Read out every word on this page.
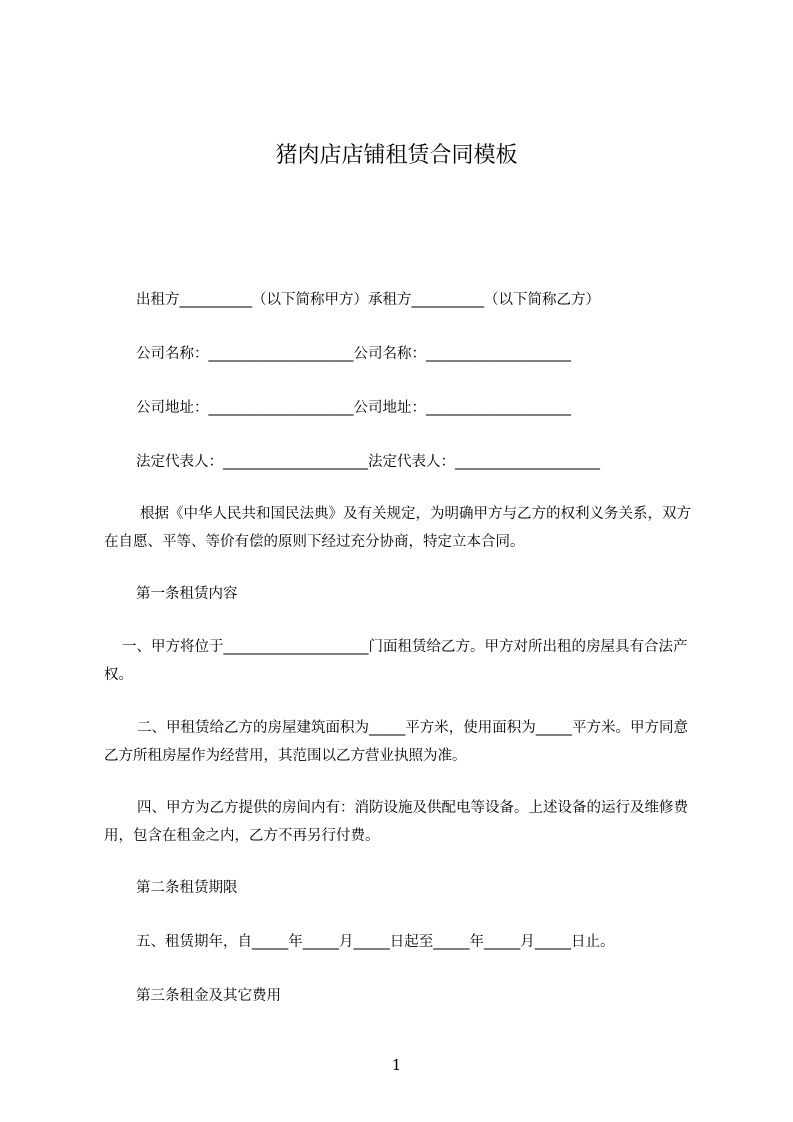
猪肉店店铺租赁合同模板

出租方__________（以下简称甲方）承租方__________（以下简称乙方）

公司名称：____________________公司名称：____________________

公司地址：____________________公司地址：____________________

法定代表人：____________________法定代表人：____________________

根据《中华人民共和国民法典》及有关规定，为明确甲方与乙方的权利义务关系，双方在自愿、平等、等价有偿的原则下经过充分协商，特定立本合同。

第一条租赁内容

一、甲方将位于____________________门面租赁给乙方。甲方对所出租的房屋具有合法产权。

二、甲租赁给乙方的房屋建筑面积为_____平方米，使用面积为_____平方米。甲方同意乙方所租房屋作为经营用，其范围以乙方营业执照为准。

四、甲方为乙方提供的房间内有：消防设施及供配电等设备。上述设备的运行及维修费用，包含在租金之内，乙方不再另行付费。

第二条租赁期限

五、租赁期年，自_____年_____月_____日起至_____年_____月_____日止。

第三条租金及其它费用

1
